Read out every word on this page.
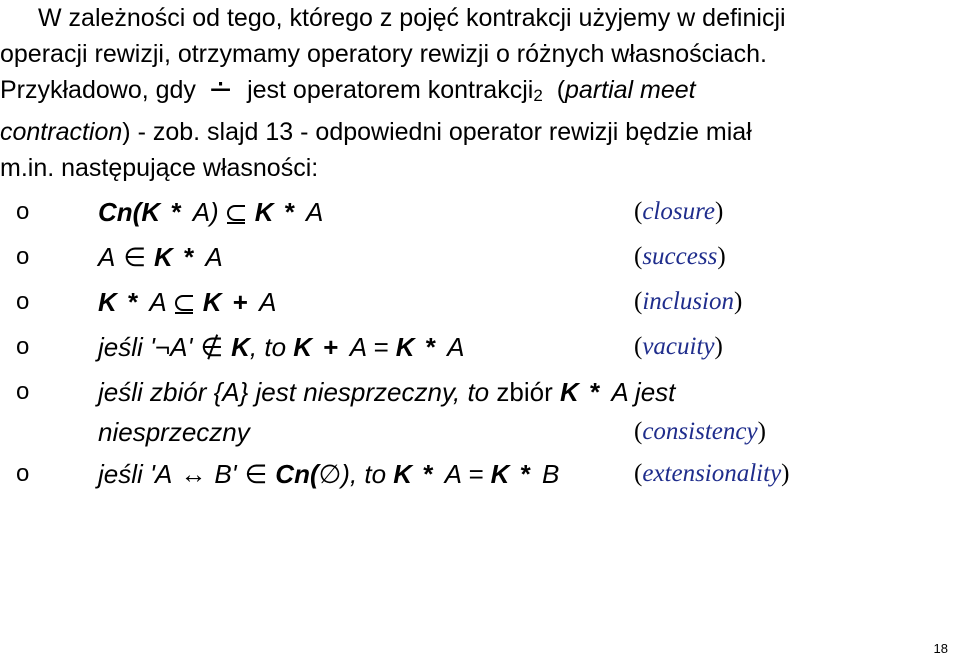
W zależności od tego, którego z pojęć kontrakcji użyjemy w definicji
operacji rewizji, otrzymamy operatory rewizji o różnych własnościach.
Przykładowo, gdy ∸ jest operatorem kontrakcji2 (partial meet
contraction) - zob. slajd 13 - odpowiedni operator rewizji będzie miał
m.in. następujące własności:
o	Cn(K * A) K * A	(closure)
o	A ∈ K * A	(success)
o	K * A K + A	(inclusion)
o	jeśli '¬A' ∉ K, to K + A = K * A	(vacuity)
o	jeśli zbiór {A} jest niesprzeczny, to zbiór K * A jest
niesprzeczny	(consistency)
o	jeśli 'A ↔ B' ∈ Cn(∅), to K * A = K * B	(extensionality)
18
